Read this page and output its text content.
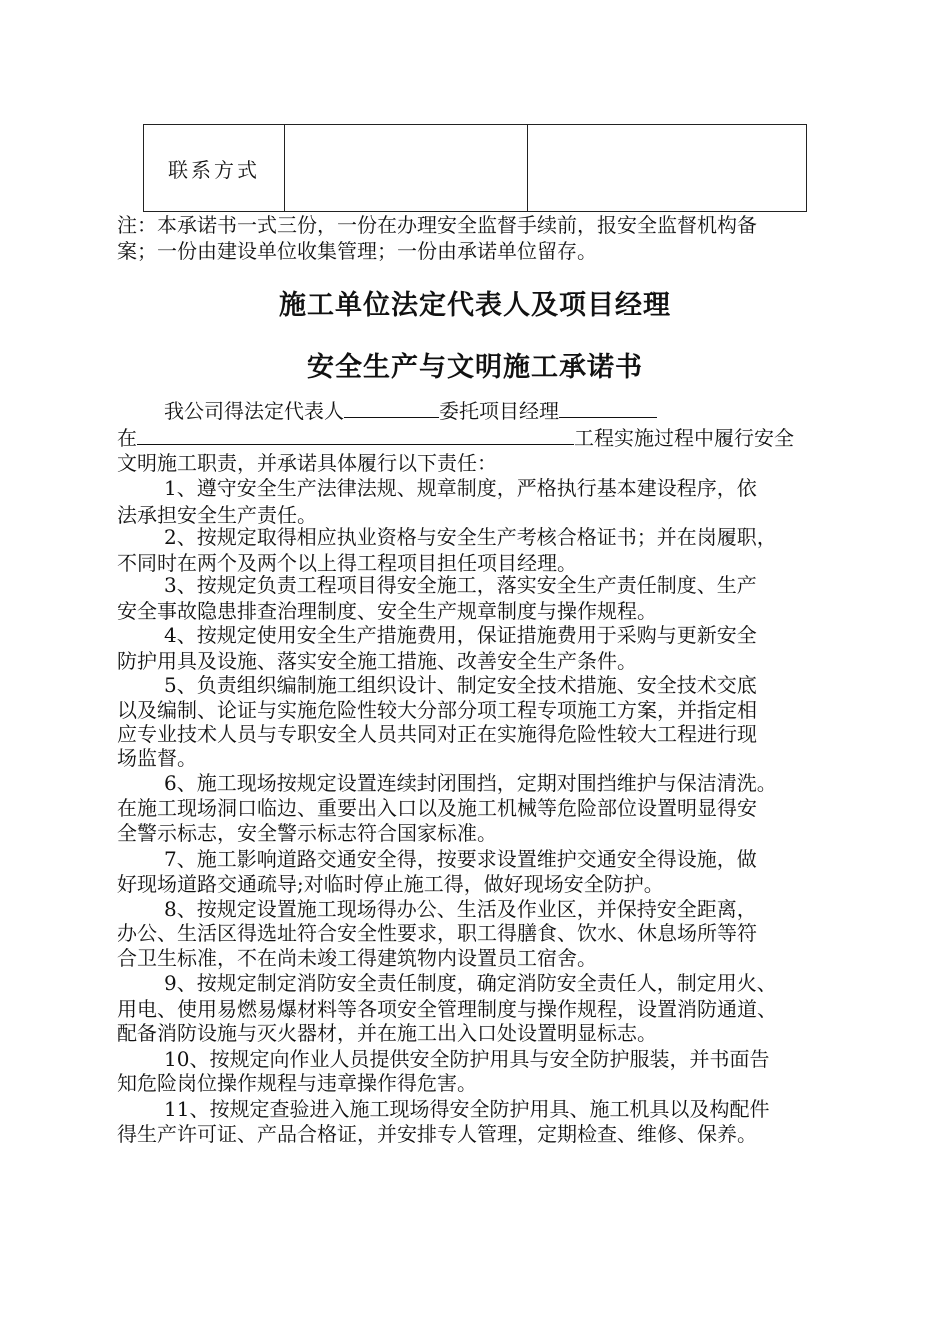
联系方式		
注：本承诺书一式三份，一份在办理安全监督手续前，报安全监督机构备
案；一份由建设单位收集管理；一份由承诺单位留存。
施工单位法定代表人及项目经理
安全生产与文明施工承诺书
我公司得法定代表人	委托项目经理
在	工程实施过程中履行安全
文明施工职责，并承诺具体履行以下责任：
1、遵守安全生产法律法规、规章制度，严格执行基本建设程序，依
法承担安全生产责任。
2、按规定取得相应执业资格与安全生产考核合格证书；并在岗履职，
不同时在两个及两个以上得工程项目担任项目经理。
3、按规定负责工程项目得安全施工，落实安全生产责任制度、生产
安全事故隐患排查治理制度、安全生产规章制度与操作规程。
4、按规定使用安全生产措施费用，保证措施费用于采购与更新安全
防护用具及设施、落实安全施工措施、改善安全生产条件。
5、负责组织编制施工组织设计、制定安全技术措施、安全技术交底
以及编制、论证与实施危险性较大分部分项工程专项施工方案，并指定相
应专业技术人员与专职安全人员共同对正在实施得危险性较大工程进行现
场监督。
6、施工现场按规定设置连续封闭围挡，定期对围挡维护与保洁清洗。
在施工现场洞口临边、重要出入口以及施工机械等危险部位设置明显得安
全警示标志，安全警示标志符合国家标准。
7、施工影响道路交通安全得，按要求设置维护交通安全得设施，做
好现场道路交通疏导;对临时停止施工得，做好现场安全防护。
8、按规定设置施工现场得办公、生活及作业区，并保持安全距离，
办公、生活区得选址符合安全性要求，职工得膳食、饮水、休息场所等符
合卫生标准，不在尚未竣工得建筑物内设置员工宿舍。
9、按规定制定消防安全责任制度，确定消防安全责任人，制定用火、
用电、使用易燃易爆材料等各项安全管理制度与操作规程，设置消防通道、
配备消防设施与灭火器材，并在施工出入口处设置明显标志。
10、按规定向作业人员提供安全防护用具与安全防护服装，并书面告
知危险岗位操作规程与违章操作得危害。
11、按规定查验进入施工现场得安全防护用具、施工机具以及构配件
得生产许可证、产品合格证，并安排专人管理，定期检查、维修、保养。
